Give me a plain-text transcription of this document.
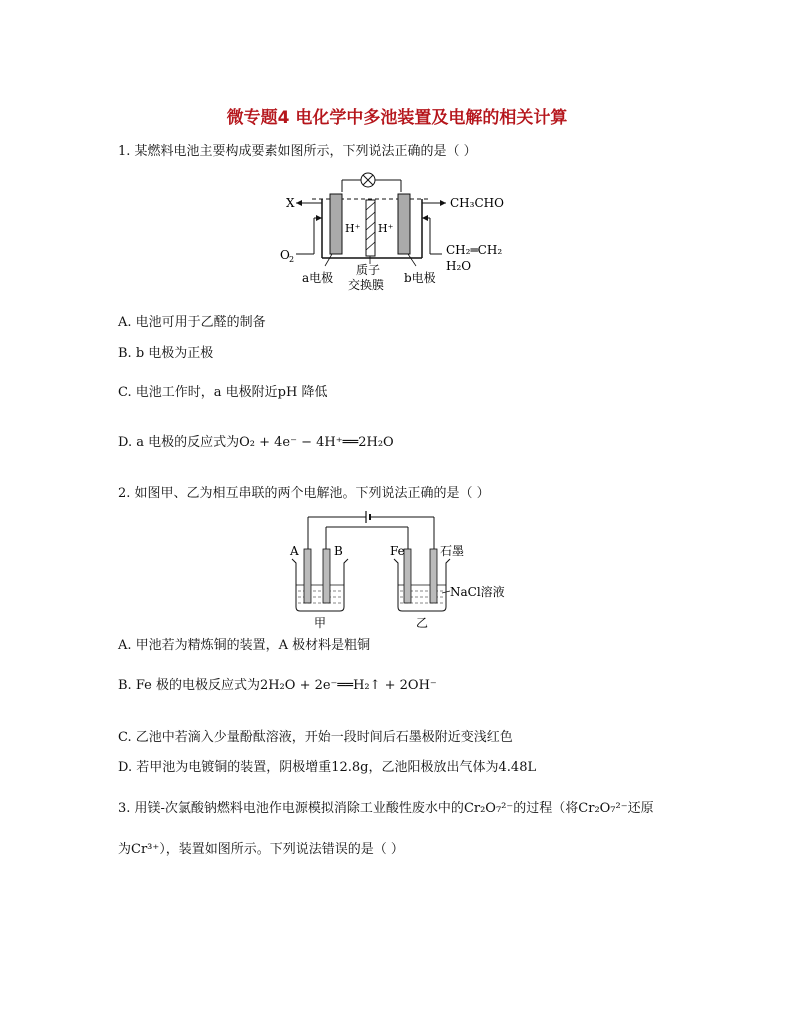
微专题4 电化学中多池装置及电解的相关计算
1. 某燃料电池主要构成要素如图所示，下列说法正确的是（ ）
H⁺ H⁺
X
O 2
CH₃CHO
CH₂═CH₂
H₂O
a电极
质子
交换膜 b电极
A. 电池可用于乙醛的制备
B. b 电极为正极
C. 电池工作时，a 电极附近pH 降低
D. a 电极的反应式为O₂ + 4e⁻ − 4H⁺══2H₂O
2. 如图甲、乙为相互串联的两个电解池。下列说法正确的是（ ）
A	B
甲
Fe	石墨
NaCl溶液
乙
A. 甲池若为精炼铜的装置，A 极材料是粗铜
B. Fe 极的电极反应式为2H₂O + 2e⁻══H₂↑ + 2OH⁻
C. 乙池中若滴入少量酚酞溶液，开始一段时间后石墨极附近变浅红色
D. 若甲池为电镀铜的装置，阴极增重12.8g，乙池阳极放出气体为4.48L
3. 用镁-次氯酸钠燃料电池作电源模拟消除工业酸性废水中的Cr₂O₇²⁻的过程（将Cr₂O₇²⁻还原
为Cr³⁺），装置如图所示。下列说法错误的是（ ）
